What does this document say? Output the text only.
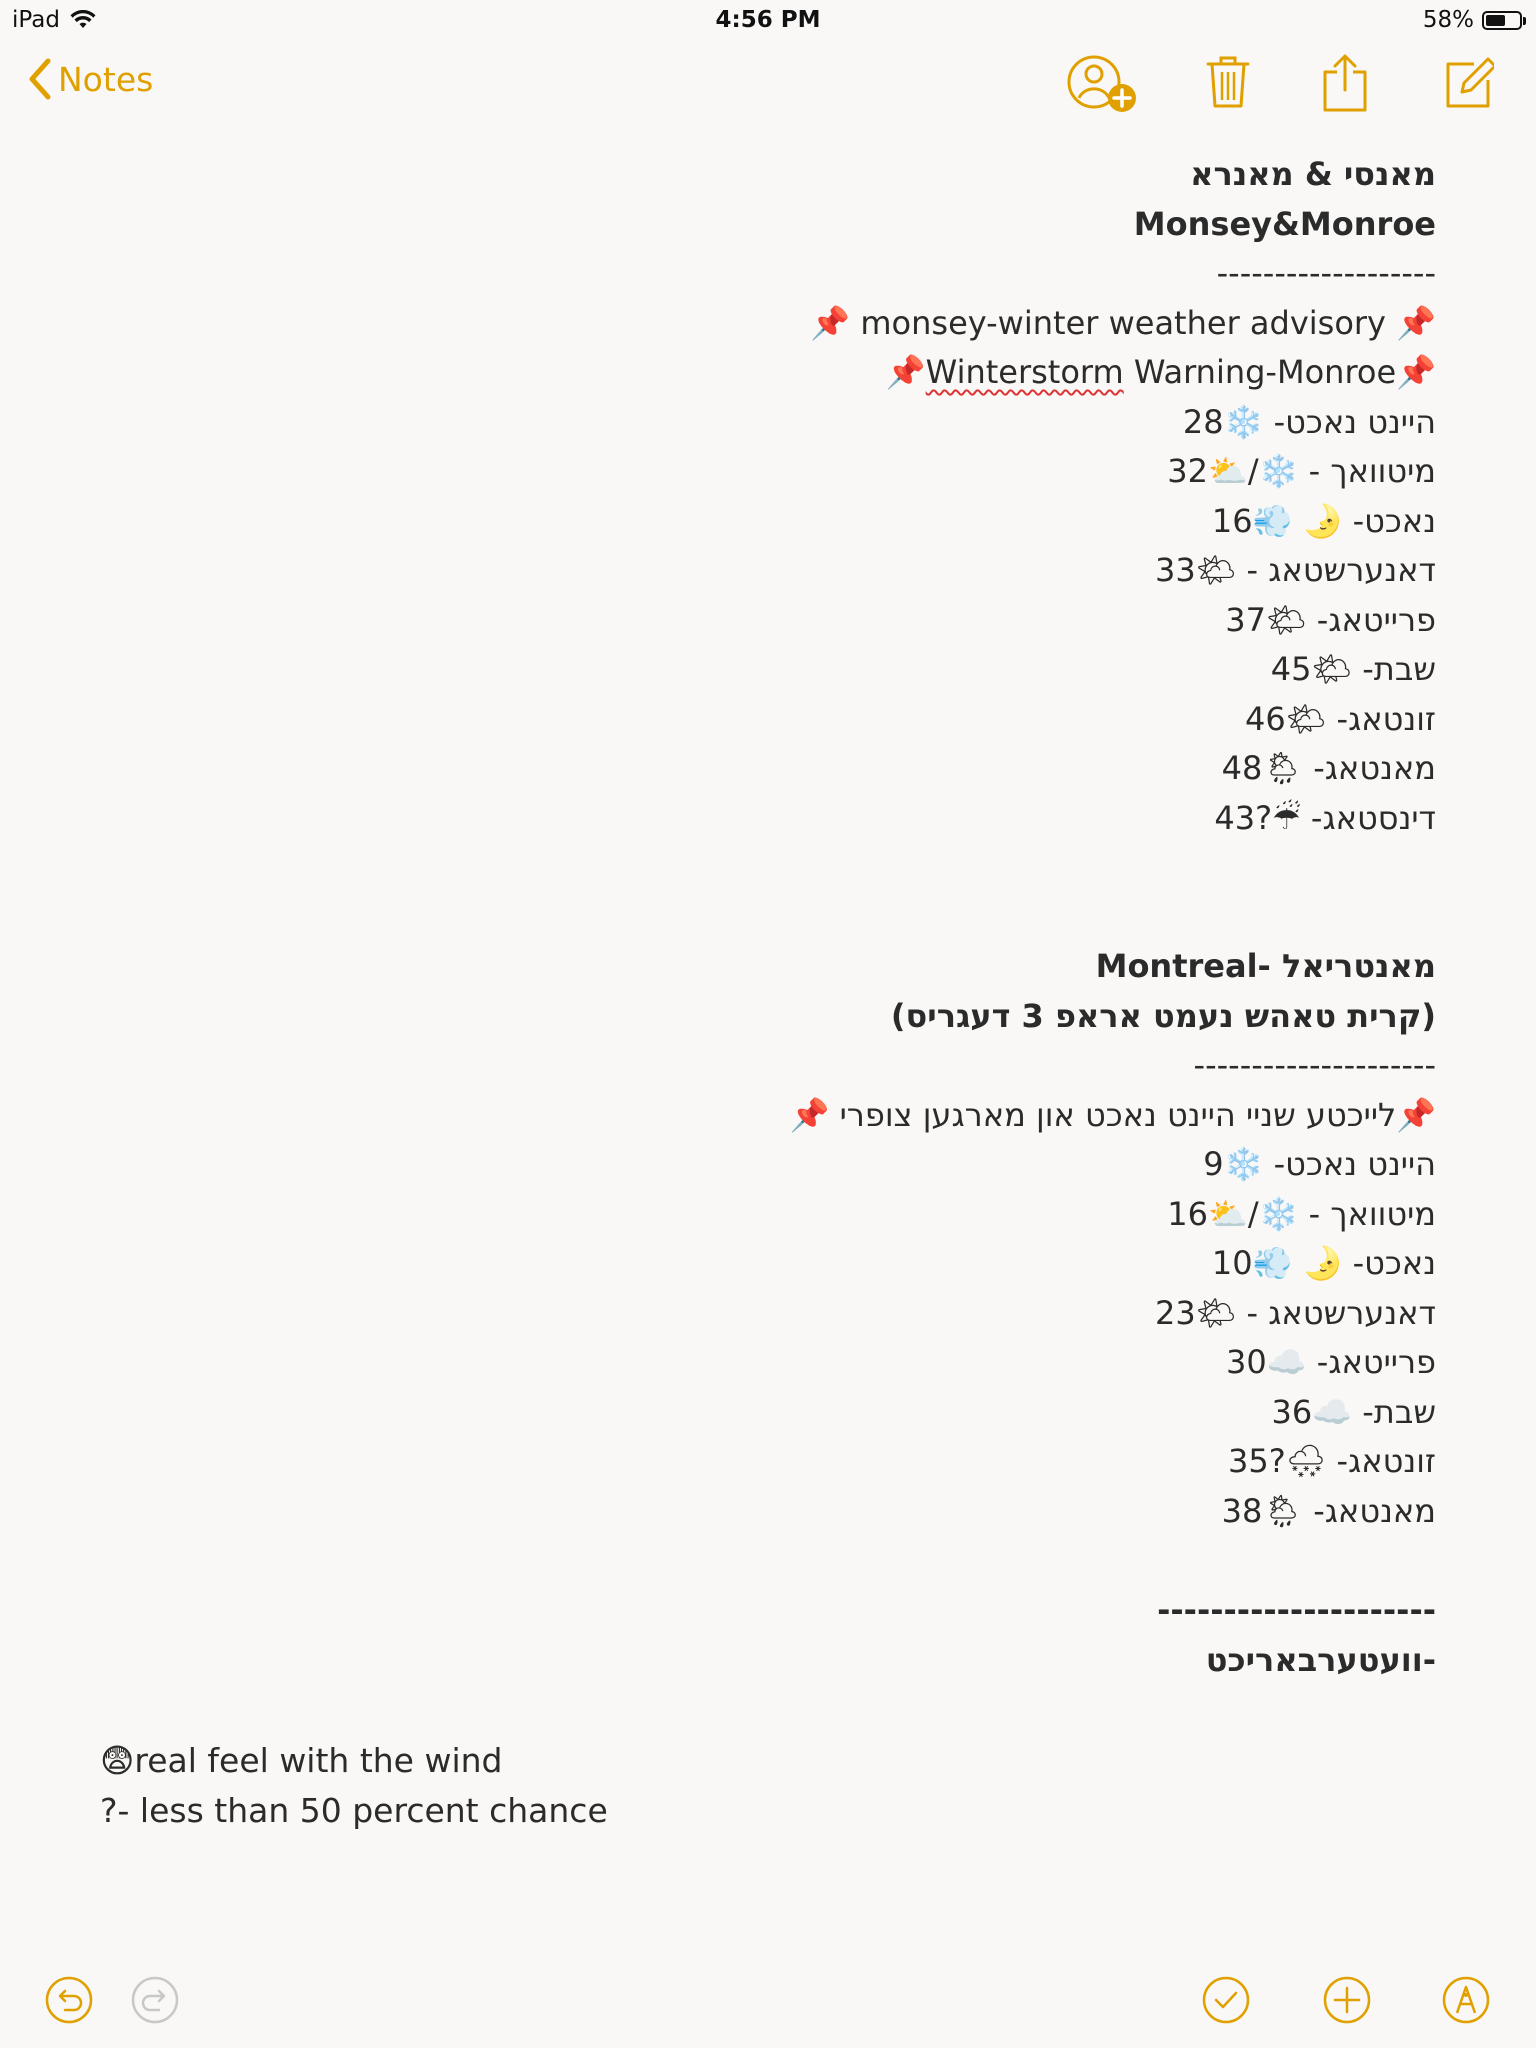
iPad	4:56 PM	58%
Notes
מאנסי & מאנרא
Monsey&Monroe
-------------------
📌 monsey-winter weather advisory 📌
📌Winterstorm Warning-Monroe📌
היינט נאכט- ❄️28
מיטוואך - ❄️/⛅32
נאכט- 🌛 💨16
דאנערשטאג - 🌤33
פרייטאג- 🌤37
שבת- 🌤45
זונטאג- 🌤46
מאנטאג- 🌦48
דינסטאג- ☔?43
מאנטריאל -Montreal
(קרית טאהש נעמט אראפ 3 דעגריס)
---------------------
📌לייכטע שניי היינט נאכט און מארגען צופרי 📌
היינט נאכט- ❄️9
מיטוואך - ❄️/⛅16
נאכט- 🌛 💨10
דאנערשטאג - 🌤23
פרייטאג- ☁️30
שבת- ☁️36
זונטאג- 🌨?35
מאנטאג- 🌦38
---------------------
-וועטערבאריכט
😨real feel with the wind
?- less than 50 percent chance
